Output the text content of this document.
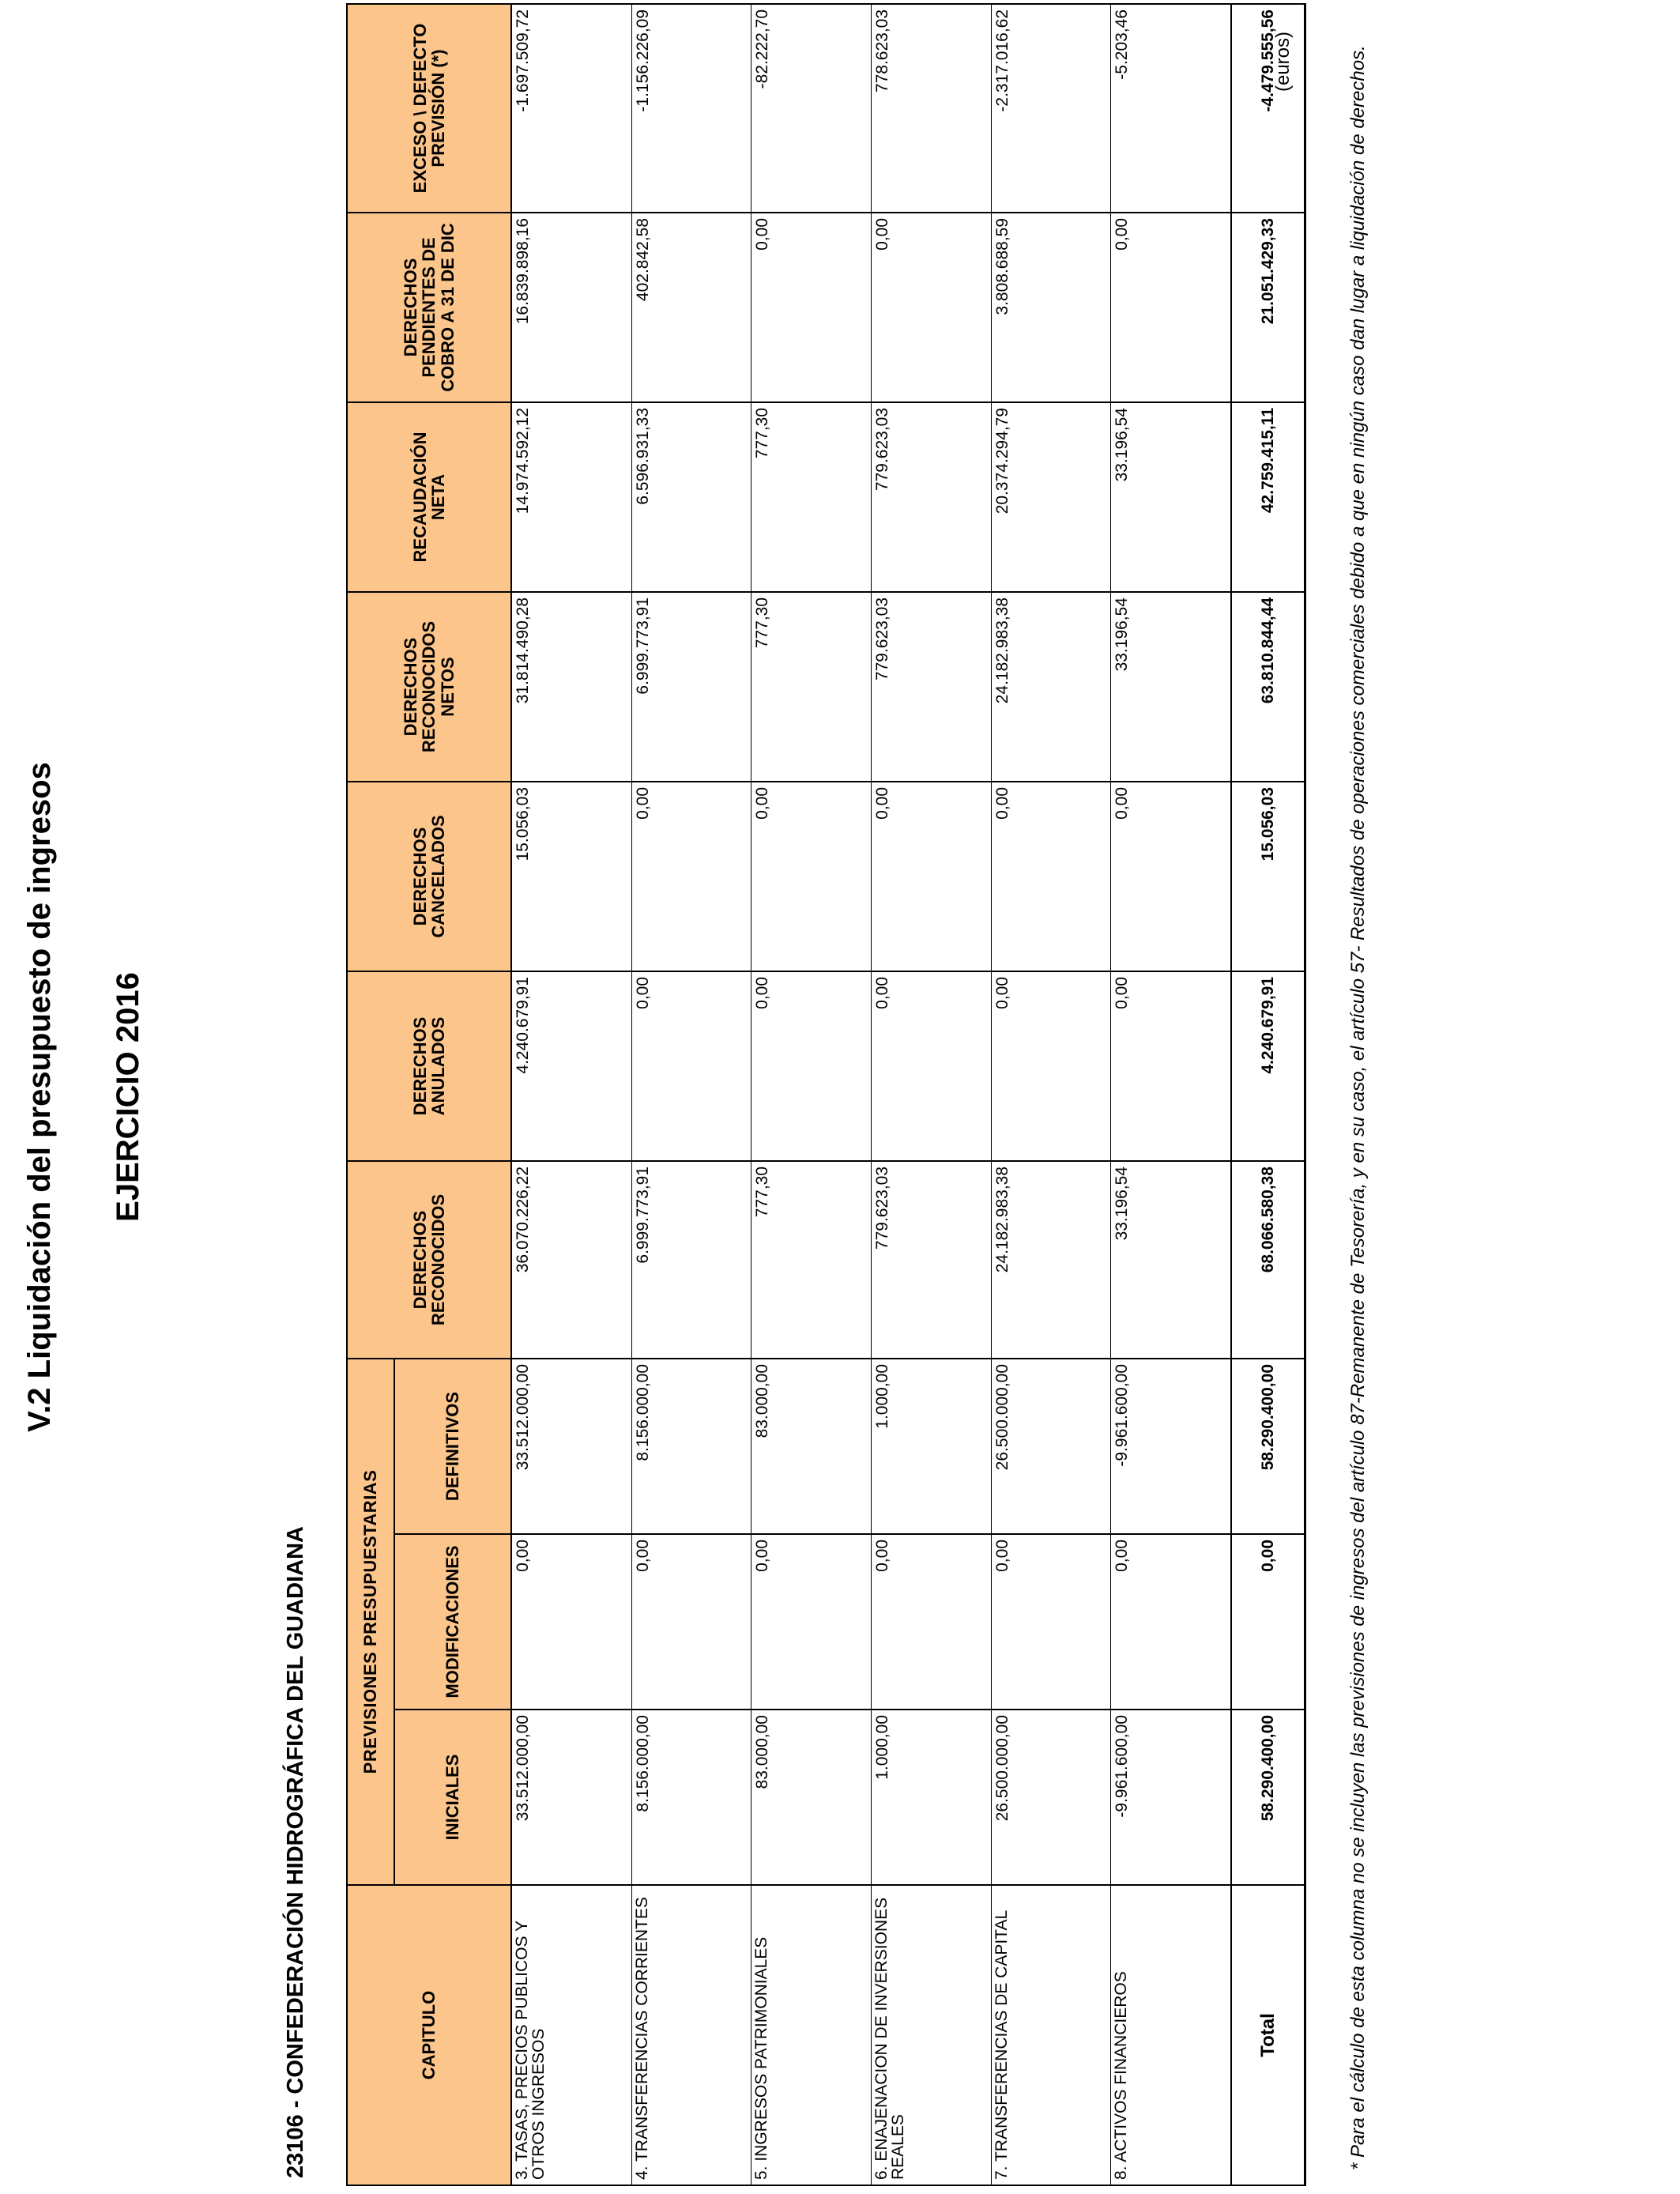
V.2 Liquidación del presupuesto de ingresos EJERCICIO 2016
23106 - CONFEDERACIÓN HIDROGRÁFICA DEL GUADIANA
(euros)
CAPITULO	PREVISIONES PRESUPUESTARIAS			DERECHOS RECONOCIDOS	DERECHOS ANULADOS	DERECHOS CANCELADOS	DERECHOS RECONOCIDOS NETOS	RECAUDACIÓN NETA	DERECHOS PENDIENTES DE COBRO A 31 DE DIC	EXCESO \ DEFECTO PREVISIÓN (*)
	INICIALES	MODIFICACIONES	DEFINITIVOS							
3. TASAS, PRECIOS PUBLICOS Y OTROS INGRESOS	33.512.000,00	0,00	33.512.000,00	36.070.226,22	4.240.679,91	15.056,03	31.814.490,28	14.974.592,12	16.839.898,16	-1.697.509,72
4. TRANSFERENCIAS CORRIENTES	8.156.000,00	0,00	8.156.000,00	6.999.773,91	0,00	0,00	6.999.773,91	6.596.931,33	402.842,58	-1.156.226,09
5. INGRESOS PATRIMONIALES	83.000,00	0,00	83.000,00	777,30	0,00	0,00	777,30	777,30	0,00	-82.222,70
6. ENAJENACION DE INVERSIONES REALES	1.000,00	0,00	1.000,00	779.623,03	0,00	0,00	779.623,03	779.623,03	0,00	778.623,03
7. TRANSFERENCIAS DE CAPITAL	26.500.000,00	0,00	26.500.000,00	24.182.983,38	0,00	0,00	24.182.983,38	20.374.294,79	3.808.688,59	-2.317.016,62
8. ACTIVOS FINANCIEROS	-9.961.600,00	0,00	-9.961.600,00	33.196,54	0,00	0,00	33.196,54	33.196,54	0,00	-5.203,46
Total	58.290.400,00	0,00	58.290.400,00	68.066.580,38	4.240.679,91	15.056,03	63.810.844,44	42.759.415,11	21.051.429,33	-4.479.555,56	* Para el cálculo de esta columna no se incluyen las previsiones de ingresos del artículo 87-Remanente de Tesorería, y en su caso, el artículo 57- Resultados de operaciones comerciales debido a que en ningún caso dan lugar a liquidación de derechos.
